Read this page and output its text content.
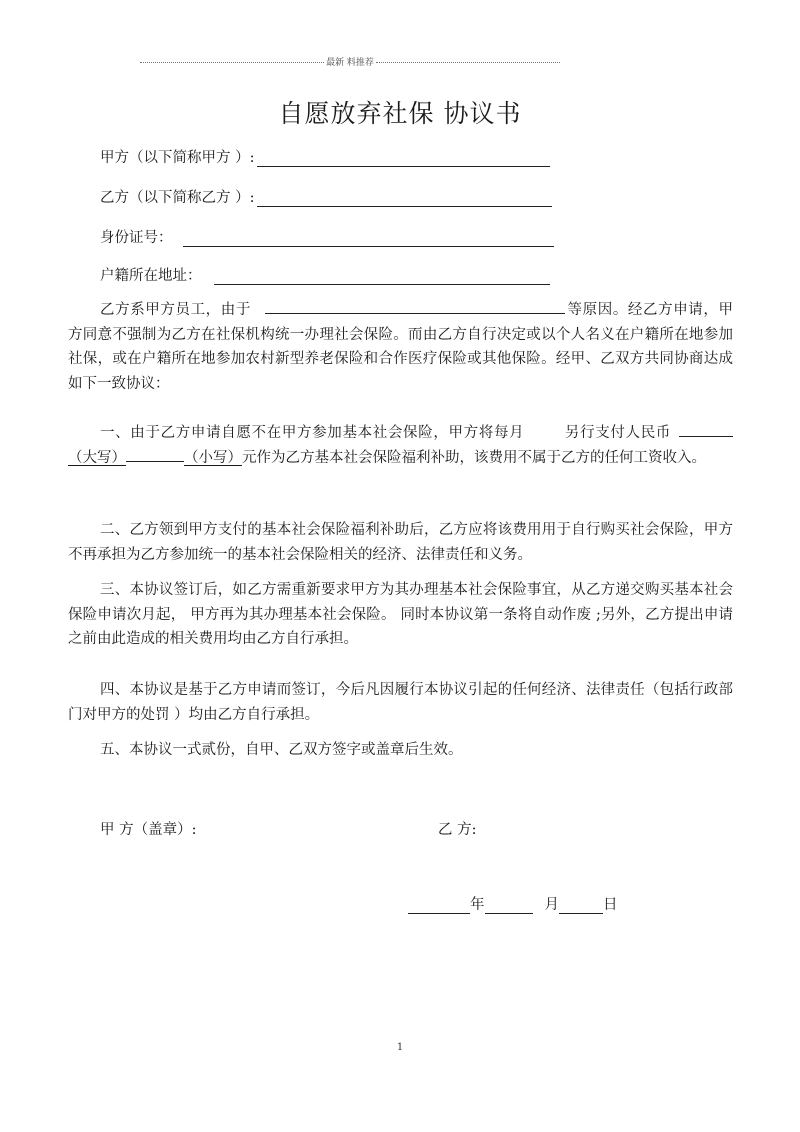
最新 料推荐
自愿放弃社保 协议书
甲方（以下简称甲方 ）:
乙方（以下简称乙方 ）:
身份证号：
户籍所在地址：
乙方系甲方员工，由于	等原因。经乙方申请，甲方同意不强制为乙方在社保机构统一办理社会保险。而由乙方自行决定或以个人名义在户籍所在地参加社保，或在户籍所在地参加农村新型养老保险和合作医疗保险或其他保险。经甲、乙双方共同协商达成如下一致协议：
一、由于乙方申请自愿不在甲方参加基本社会保险，甲方将每月	另行支付人民币（大写）	（小写）元作为乙方基本社会保险福利补助，该费用不属于乙方的任何工资收入。
二、乙方领到甲方支付的基本社会保险福利补助后，乙方应将该费用用于自行购买社会保险，甲方不再承担为乙方参加统一的基本社会保险相关的经济、法律责任和义务。
三、本协议签订后，如乙方需重新要求甲方为其办理基本社会保险事宜，从乙方递交购买基本社会保险申请次月起， 甲方再为其办理基本社会保险。 同时本协议第一条将自动作废 ;另外，乙方提出申请之前由此造成的相关费用均由乙方自行承担。
四、本协议是基于乙方申请而签订，今后凡因履行本协议引起的任何经济、法律责任（包括行政部门对甲方的处罚 ）均由乙方自行承担。
五、本协议一式贰份，自甲、乙双方签字或盖章后生效。
甲 方（盖章）:	乙 方:
年	月	日
1
